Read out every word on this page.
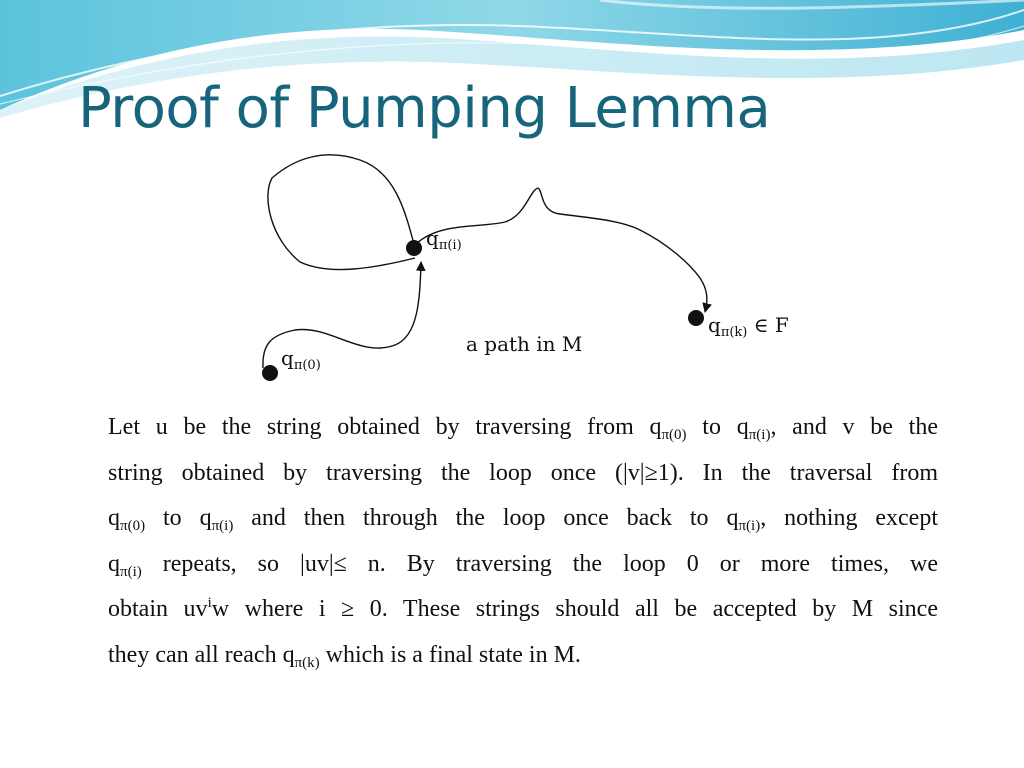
Proof of Pumping Lemma
$q_{\pi(i)}$
$q_{\pi(k)}$ ∈ F
$q_{\pi(0)}$
a path in M
Let u be the string obtained by traversing from $q_{\pi(0)}$ to $q_{\pi(i)}$, and v be the
string obtained by traversing the loop once (|v|≥1). In the traversal from
$q_{\pi(0)}$ to $q_{\pi(i)}$ and then through the loop once back to $q_{\pi(i)}$, nothing except
$q_{\pi(i)}$ repeats, so |uv|≤ n. By traversing the loop 0 or more times, we
obtain $uv^iw$ where i ≥ 0. These strings should all be accepted by M since
they can all reach $q_{\pi(k)}$ which is a final state in M.
